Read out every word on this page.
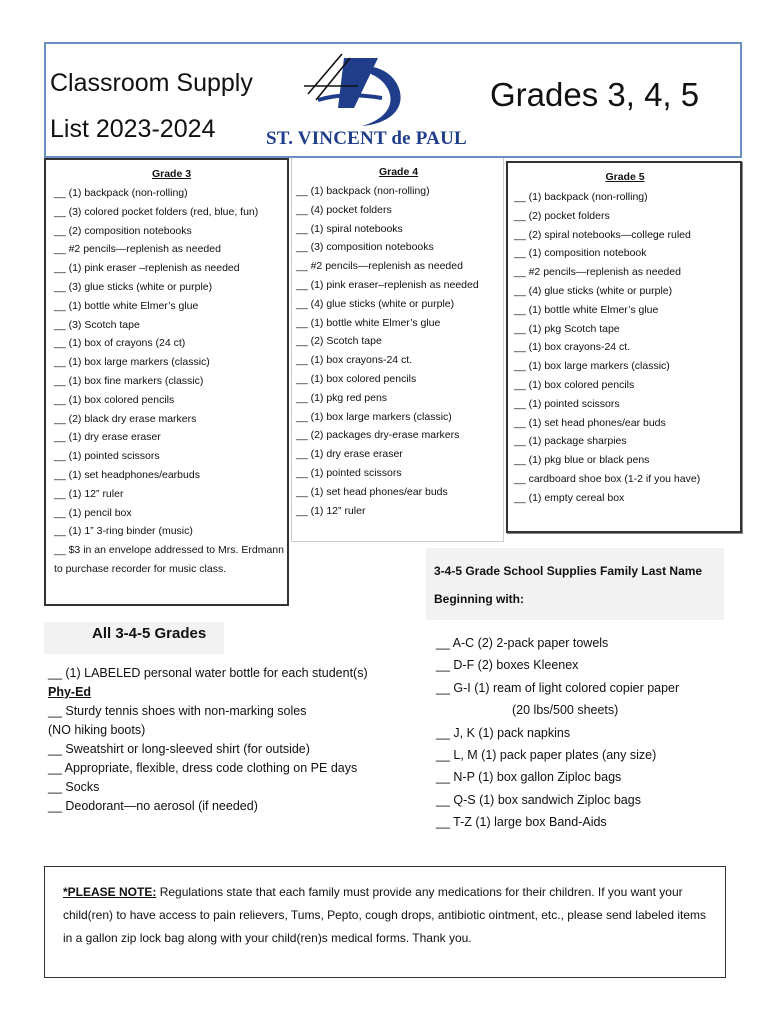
Classroom Supply
List 2023-2024	ST. VINCENT de PAUL
Grades 3, 4, 5
Grade 3
__ (1) backpack (non-rolling)
__ (3) colored pocket folders (red, blue, fun)
__ (2) composition notebooks
__ #2 pencils—replenish as needed
__ (1) pink eraser –replenish as needed
__ (3) glue sticks (white or purple)
__ (1) bottle white Elmer’s glue
__ (3) Scotch tape
__ (1) box of crayons (24 ct)
__ (1) box large markers (classic)
__ (1) box fine markers (classic)
__ (1) box colored pencils
__ (2) black dry erase markers
__ (1) dry erase eraser
__ (1) pointed scissors
__ (1) set headphones/earbuds
__ (1) 12” ruler
__ (1) pencil box
__ (1) 1” 3-ring binder (music)
__ $3 in an envelope addressed to Mrs. Erdmann to purchase recorder for music class.
Grade 4
__ (1) backpack (non-rolling)
__ (4) pocket folders
__ (1) spiral notebooks
__ (3) composition notebooks
__ #2 pencils—replenish as needed
__ (1) pink eraser–replenish as needed
__ (4) glue sticks (white or purple)
__ (1) bottle white Elmer’s glue
__ (2) Scotch tape
__ (1) box crayons-24 ct.
__ (1) box colored pencils
__ (1) pkg red pens
__ (1) box large markers (classic)
__ (2) packages dry-erase markers
__ (1) dry erase eraser
__ (1) pointed scissors
__ (1) set head phones/ear buds
__ (1) 12” ruler
Grade 5
__ (1) backpack (non-rolling)
__ (2) pocket folders
__ (2) spiral notebooks—college ruled
__ (1) composition notebook
__ #2 pencils—replenish as needed
__ (4) glue sticks (white or purple)
__ (1) bottle white Elmer’s glue
__ (1) pkg Scotch tape
__ (1) box crayons-24 ct.
__ (1) box large markers (classic)
__ (1) box colored pencils
__ (1) pointed scissors
__ (1) set head phones/ear buds
__ (1) package sharpies
__ (1) pkg blue or black pens
__ cardboard shoe box (1-2 if you have)
__ (1) empty cereal box
3-4-5 Grade School Supplies Family Last Name
Beginning with:
__ A-C (2) 2-pack paper towels
__ D-F (2) boxes Kleenex
__ G-I (1) ream of light colored copier paper
(20 lbs/500 sheets)
__ J, K (1) pack napkins
__ L, M (1) pack paper plates (any size)
__ N-P (1) box gallon Ziploc bags
__ Q-S (1) box sandwich Ziploc bags
__ T-Z (1) large box Band-Aids
All 3-4-5 Grades
__ (1) LABELED personal water bottle for each student(s)
Phy-Ed
__ Sturdy tennis shoes with non-marking soles
(NO hiking boots)
__ Sweatshirt or long-sleeved shirt (for outside)
__ Appropriate, flexible, dress code clothing on PE days
__ Socks
__ Deodorant—no aerosol (if needed)
*PLEASE NOTE: Regulations state that each family must provide any medications for their children. If you want your child(ren) to have access to pain relievers, Tums, Pepto, cough drops, antibiotic ointment, etc., please send labeled items in a gallon zip lock bag along with your child(ren)s medical forms. Thank you.
